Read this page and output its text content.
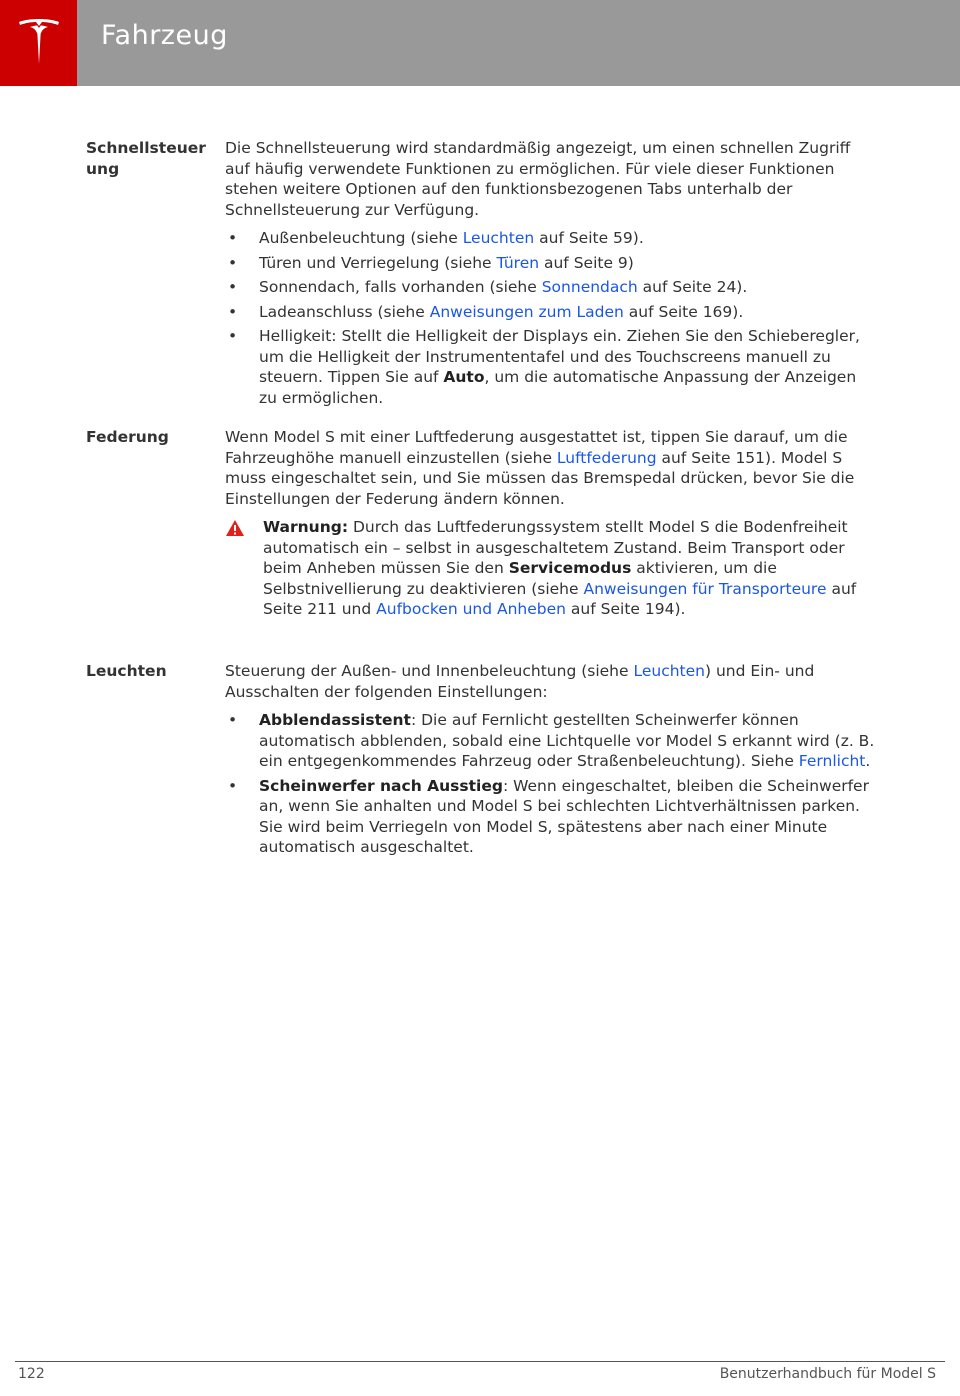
Fahrzeug
Schnellsteuerung

Die Schnellsteuerung wird standardmäßig angezeigt, um einen schnellen Zugriff auf häufig verwendete Funktionen zu ermöglichen. Für viele dieser Funktionen stehen weitere Optionen auf den funktionsbezogenen Tabs unterhalb der Schnellsteuerung zur Verfügung.

• Außenbeleuchtung (siehe Leuchten auf Seite 59).
• Türen und Verriegelung (siehe Türen auf Seite 9)
• Sonnendach, falls vorhanden (siehe Sonnendach auf Seite 24).
• Ladeanschluss (siehe Anweisungen zum Laden auf Seite 169).
• Helligkeit: Stellt die Helligkeit der Displays ein. Ziehen Sie den Schieberegler, um die Helligkeit der Instrumententafel und des Touchscreens manuell zu steuern. Tippen Sie auf Auto, um die automatische Anpassung der Anzeigen zu ermöglichen.
Federung	Wenn Model S mit einer Luftfederung ausgestattet ist, tippen Sie darauf, um die Fahrzeughöhe manuell einzustellen (siehe Luftfederung auf Seite 151). Model S muss eingeschaltet sein, und Sie müssen das Bremspedal drücken, bevor Sie die Einstellungen der Federung ändern können.

Warnung: Durch das Luftfederungssystem stellt Model S die Bodenfreiheit automatisch ein – selbst in ausgeschaltetem Zustand. Beim Transport oder beim Anheben müssen Sie den Servicemodus aktivieren, um die Selbstnivellierung zu deaktivieren (siehe Anweisungen für Transporteure auf Seite 211 und Aufbocken und Anheben auf Seite 194).
Leuchten	Steuerung der Außen- und Innenbeleuchtung (siehe Leuchten) und Ein- und Ausschalten der folgenden Einstellungen:

• Abblendassistent: Die auf Fernlicht gestellten Scheinwerfer können automatisch abblenden, sobald eine Lichtquelle vor Model S erkannt wird (z. B. ein entgegenkommendes Fahrzeug oder Straßenbeleuchtung). Siehe Fernlicht.
• Scheinwerfer nach Ausstieg: Wenn eingeschaltet, bleiben die Scheinwerfer an, wenn Sie anhalten und Model S bei schlechten Lichtverhältnissen parken. Sie wird beim Verriegeln von Model S, spätestens aber nach einer Minute automatisch ausgeschaltet.
122	Benutzerhandbuch für Model S
